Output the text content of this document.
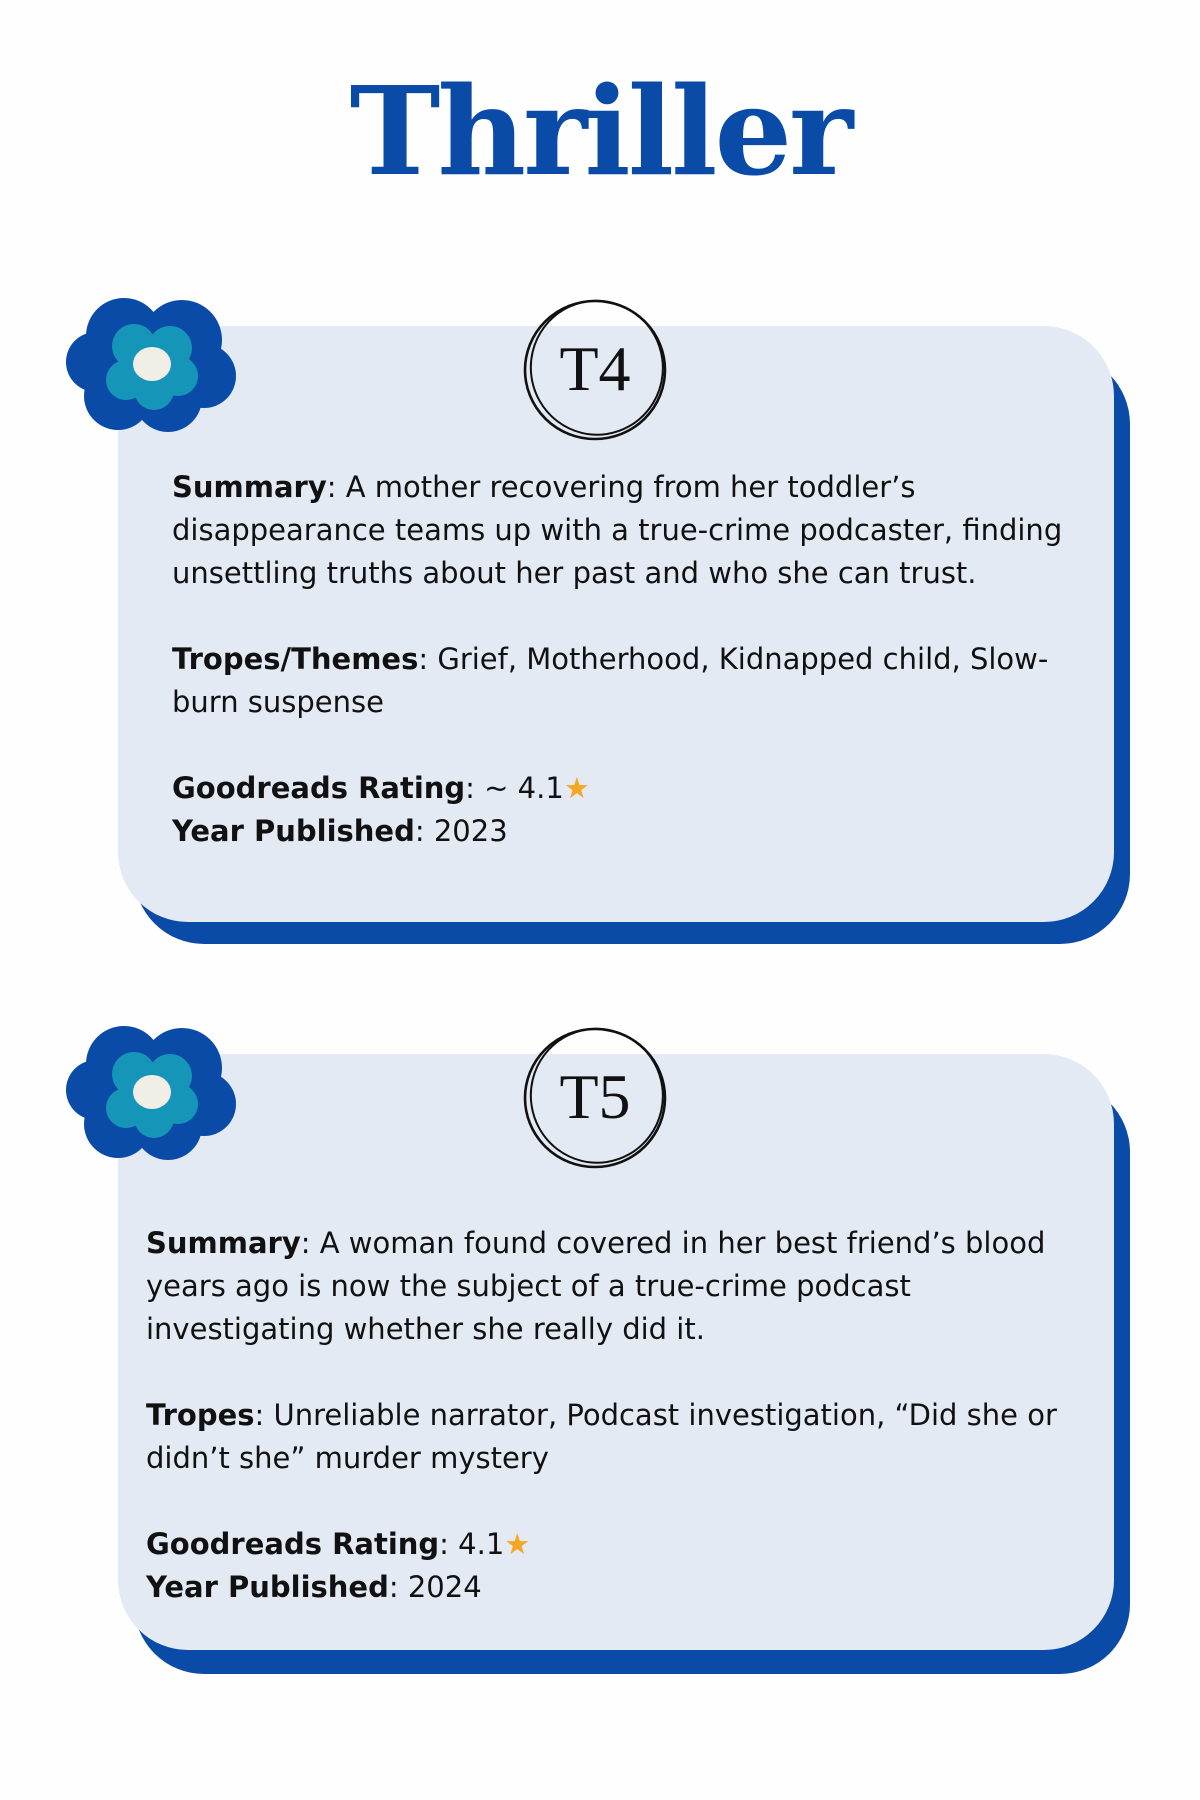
Thriller
T4

Summary: A mother recovering from her toddler’s disappearance teams up with a true-crime podcaster, finding unsettling truths about her past and who she can trust.

Tropes/Themes: Grief, Motherhood, Kidnapped child, Slow-burn suspense

Goodreads Rating: ~ 4.1★

Year Published: 2023

T5

Summary: A woman found covered in her best friend’s blood years ago is now the subject of a true-crime podcast investigating whether she really did it.

Tropes: Unreliable narrator, Podcast investigation, “Did she or didn’t she” murder mystery

Goodreads Rating: 4.1★

Year Published: 2024
